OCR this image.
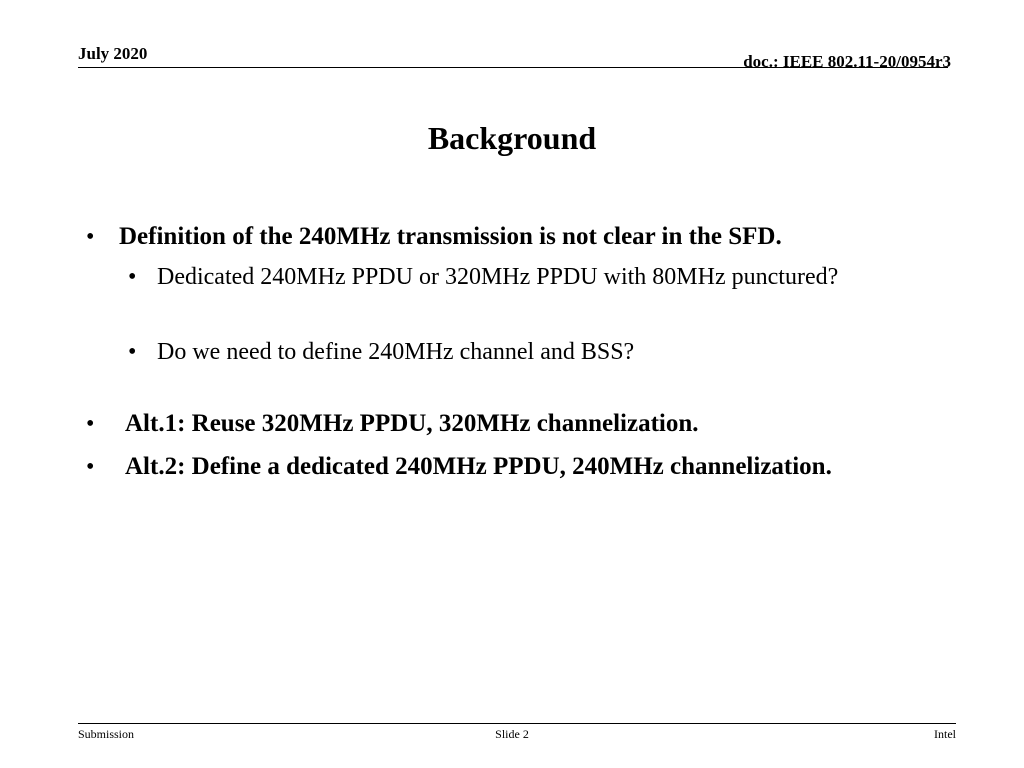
July 2020	doc.: IEEE 802.11-20/0954r3
Background
• Definition of the 240MHz transmission is not clear in the SFD.
• Dedicated 240MHz PPDU or 320MHz PPDU with 80MHz punctured?
• Do we need to define 240MHz channel and BSS?
• Alt.1: Reuse 320MHz PPDU, 320MHz channelization.
• Alt.2: Define a dedicated 240MHz PPDU, 240MHz channelization.
Submission	Slide 2	Intel
